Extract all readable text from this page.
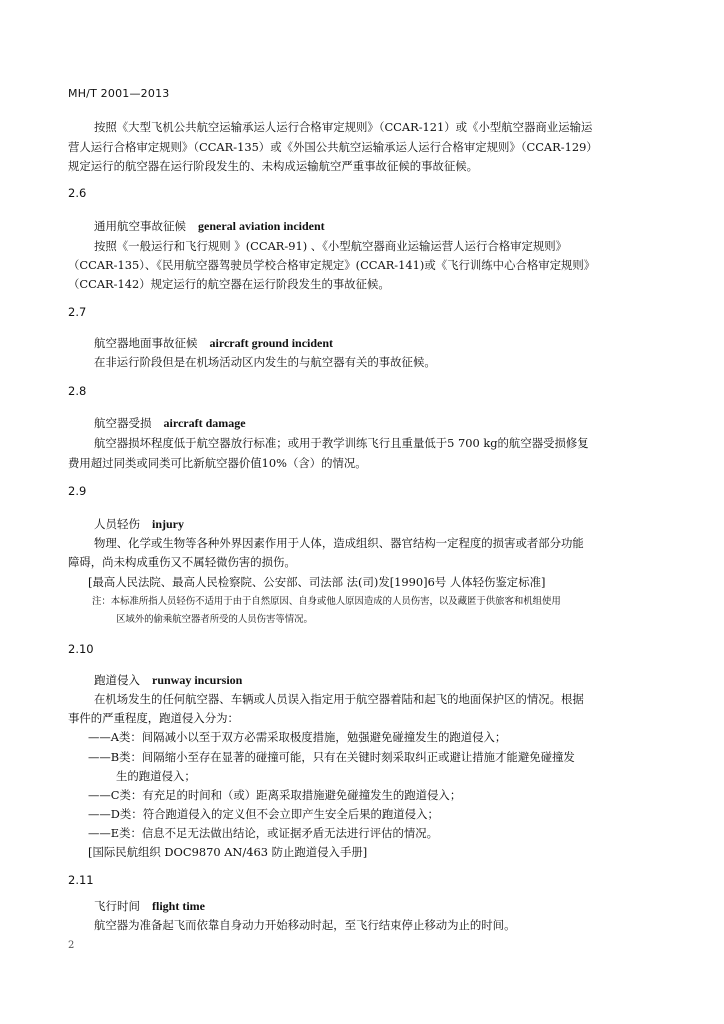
MH/T 2001—2013
按照《大型飞机公共航空运输承运人运行合格审定规则》（CCAR-121）或《小型航空器商业运输运
营人运行合格审定规则》（CCAR-135）或《外国公共航空运输承运人运行合格审定规则》（CCAR-129）
规定运行的航空器在运行阶段发生的、未构成运输航空严重事故征候的事故征候。
2.6
通用航空事故征候 general aviation incident
按照《一般运行和飞行规则 》(CCAR-91) 、《小型航空器商业运输运营人运行合格审定规则》
（CCAR-135）、《民用航空器驾驶员学校合格审定规定》(CCAR-141)或《飞行训练中心合格审定规则》
（CCAR-142）规定运行的航空器在运行阶段发生的事故征候。
2.7
航空器地面事故征候 aircraft ground incident
在非运行阶段但是在机场活动区内发生的与航空器有关的事故征候。
2.8
航空器受损 aircraft damage
航空器损坏程度低于航空器放行标准；或用于教学训练飞行且重量低于5 700 kg的航空器受损修复
费用超过同类或同类可比新航空器价值10%（含）的情况。
2.9
人员轻伤 injury
物理、化学或生物等各种外界因素作用于人体，造成组织、器官结构一定程度的损害或者部分功能
障碍，尚未构成重伤又不属轻微伤害的损伤。
[最高人民法院、最高人民检察院、公安部、司法部 法(司)发[1990]6号 人体轻伤鉴定标准]
注：本标准所指人员轻伤不适用于由于自然原因、自身或他人原因造成的人员伤害，以及藏匿于供旅客和机组使用
区域外的偷乘航空器者所受的人员伤害等情况。
2.10
跑道侵入 runway incursion
在机场发生的任何航空器、车辆或人员误入指定用于航空器着陆和起飞的地面保护区的情况。根据
事件的严重程度，跑道侵入分为：
——A类：间隔减小以至于双方必需采取极度措施，勉强避免碰撞发生的跑道侵入；
——B类：间隔缩小至存在显著的碰撞可能，只有在关键时刻采取纠正或避让措施才能避免碰撞发
生的跑道侵入；
——C类：有充足的时间和（或）距离采取措施避免碰撞发生的跑道侵入；
——D类：符合跑道侵入的定义但不会立即产生安全后果的跑道侵入；
——E类：信息不足无法做出结论，或证据矛盾无法进行评估的情况。
[国际民航组织 DOC9870 AN/463 防止跑道侵入手册]
2.11
飞行时间 flight time
航空器为准备起飞而依靠自身动力开始移动时起，至飞行结束停止移动为止的时间。
2
